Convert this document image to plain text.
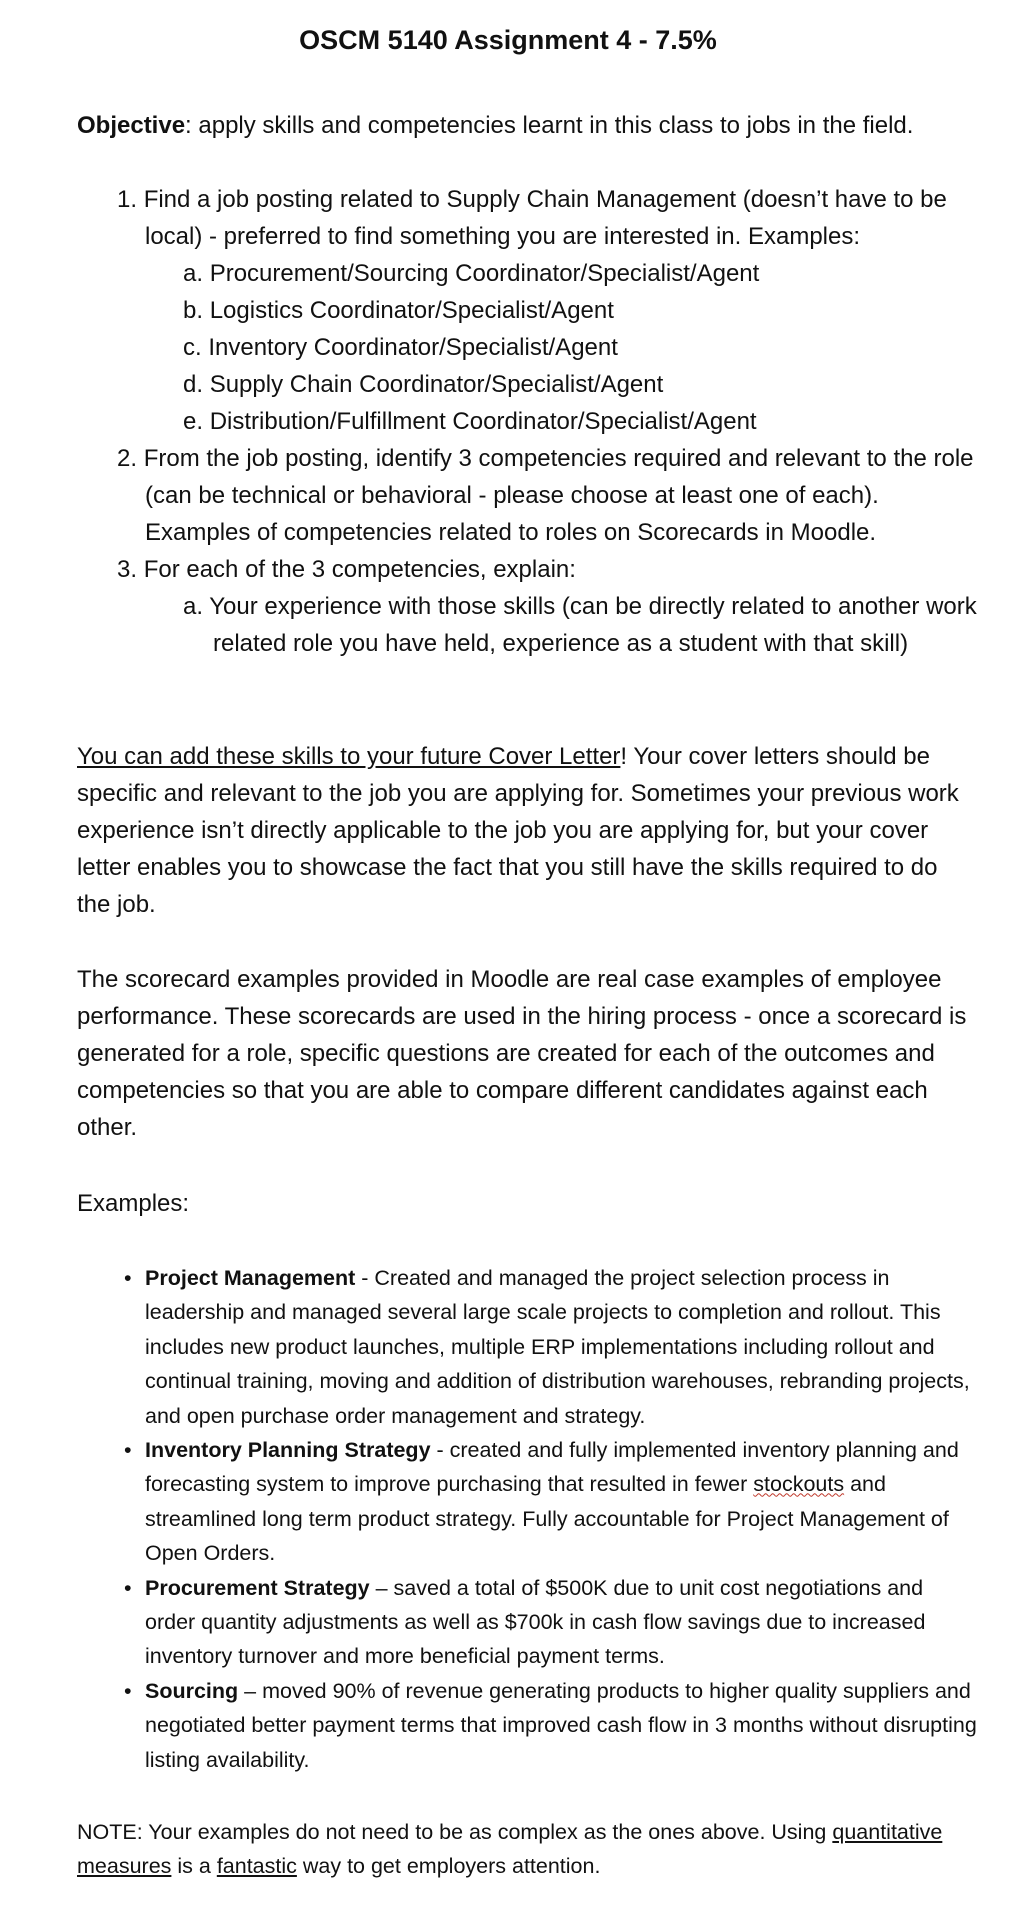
OSCM 5140 Assignment 4 - 7.5%
Objective: apply skills and competencies learnt in this class to jobs in the field.
1. Find a job posting related to Supply Chain Management (doesn’t have to be local) - preferred to find something you are interested in. Examples:
a. Procurement/Sourcing Coordinator/Specialist/Agent
b. Logistics Coordinator/Specialist/Agent
c. Inventory Coordinator/Specialist/Agent
d. Supply Chain Coordinator/Specialist/Agent
e. Distribution/Fulfillment Coordinator/Specialist/Agent
2. From the job posting, identify 3 competencies required and relevant to the role (can be technical or behavioral - please choose at least one of each). Examples of competencies related to roles on Scorecards in Moodle.
3. For each of the 3 competencies, explain:
a. Your experience with those skills (can be directly related to another work related role you have held, experience as a student with that skill)
You can add these skills to your future Cover Letter! Your cover letters should be specific and relevant to the job you are applying for. Sometimes your previous work experience isn’t directly applicable to the job you are applying for, but your cover letter enables you to showcase the fact that you still have the skills required to do the job.
The scorecard examples provided in Moodle are real case examples of employee performance. These scorecards are used in the hiring process - once a scorecard is generated for a role, specific questions are created for each of the outcomes and competencies so that you are able to compare different candidates against each other.
Examples:
• Project Management - Created and managed the project selection process in leadership and managed several large scale projects to completion and rollout. This includes new product launches, multiple ERP implementations including rollout and continual training, moving and addition of distribution warehouses, rebranding projects, and open purchase order management and strategy.
• Inventory Planning Strategy - created and fully implemented inventory planning and forecasting system to improve purchasing that resulted in fewer stockouts and streamlined long term product strategy. Fully accountable for Project Management of Open Orders.
• Procurement Strategy – saved a total of $500K due to unit cost negotiations and order quantity adjustments as well as $700k in cash flow savings due to increased inventory turnover and more beneficial payment terms.
• Sourcing – moved 90% of revenue generating products to higher quality suppliers and negotiated better payment terms that improved cash flow in 3 months without disrupting listing availability.
NOTE: Your examples do not need to be as complex as the ones above. Using quantitative measures is a fantastic way to get employers attention.
